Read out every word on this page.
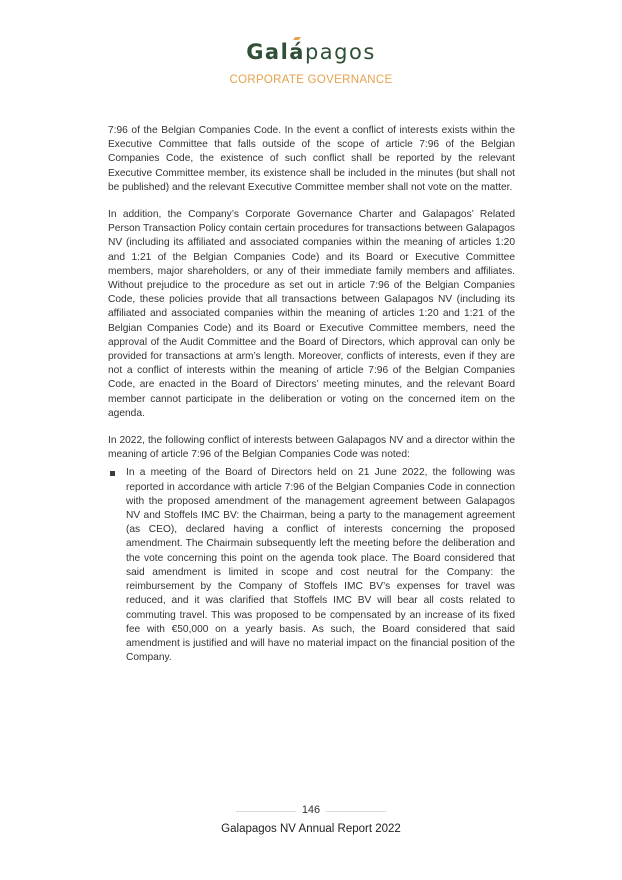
Galápagos
CORPORATE GOVERNANCE

7:96 of the Belgian Companies Code. In the event a conflict of interests exists within the Executive Committee that falls outside of the scope of article 7:96 of the Belgian Companies Code, the existence of such conflict shall be reported by the relevant Executive Committee member, its existence shall be included in the minutes (but shall not be published) and the relevant Executive Committee member shall not vote on the matter.

In addition, the Company’s Corporate Governance Charter and Galapagos’ Related Person Transaction Policy contain certain procedures for transactions between Galapagos NV (including its affiliated and associated companies within the meaning of articles 1:20 and 1:21 of the Belgian Companies Code) and its Board or Executive Committee members, major shareholders, or any of their immediate family members and affiliates. Without prejudice to the procedure as set out in article 7:96 of the Belgian Companies Code, these policies provide that all transactions between Galapagos NV (including its affiliated and associated companies within the meaning of articles 1:20 and 1:21 of the Belgian Companies Code) and its Board or Executive Committee members, need the approval of the Audit Committee and the Board of Directors, which approval can only be provided for transactions at arm’s length. Moreover, conflicts of interests, even if they are not a conflict of interests within the meaning of article 7:96 of the Belgian Companies Code, are enacted in the Board of Directors’ meeting minutes, and the relevant Board member cannot participate in the deliberation or voting on the concerned item on the agenda.

In 2022, the following conflict of interests between Galapagos NV and a director within the meaning of article 7:96 of the Belgian Companies Code was noted:

In a meeting of the Board of Directors held on 21 June 2022, the following was reported in accordance with article 7:96 of the Belgian Companies Code in connection with the proposed amendment of the management agreement between Galapagos NV and Stoffels IMC BV: the Chairman, being a party to the management agreement (as CEO), declared having a conflict of interests concerning the proposed amendment. The Chairmain subsequently left the meeting before the deliberation and the vote concerning this point on the agenda took place. The Board considered that said amendment is limited in scope and cost neutral for the Company: the reimbursement by the Company of Stoffels IMC BV’s expenses for travel was reduced, and it was clarified that Stoffels IMC BV will bear all costs related to commuting travel. This was proposed to be compensated by an increase of its fixed fee with €50,000 on a yearly basis. As such, the Board considered that said amendment is justified and will have no material impact on the financial position of the Company.
146
Galapagos NV Annual Report 2022
